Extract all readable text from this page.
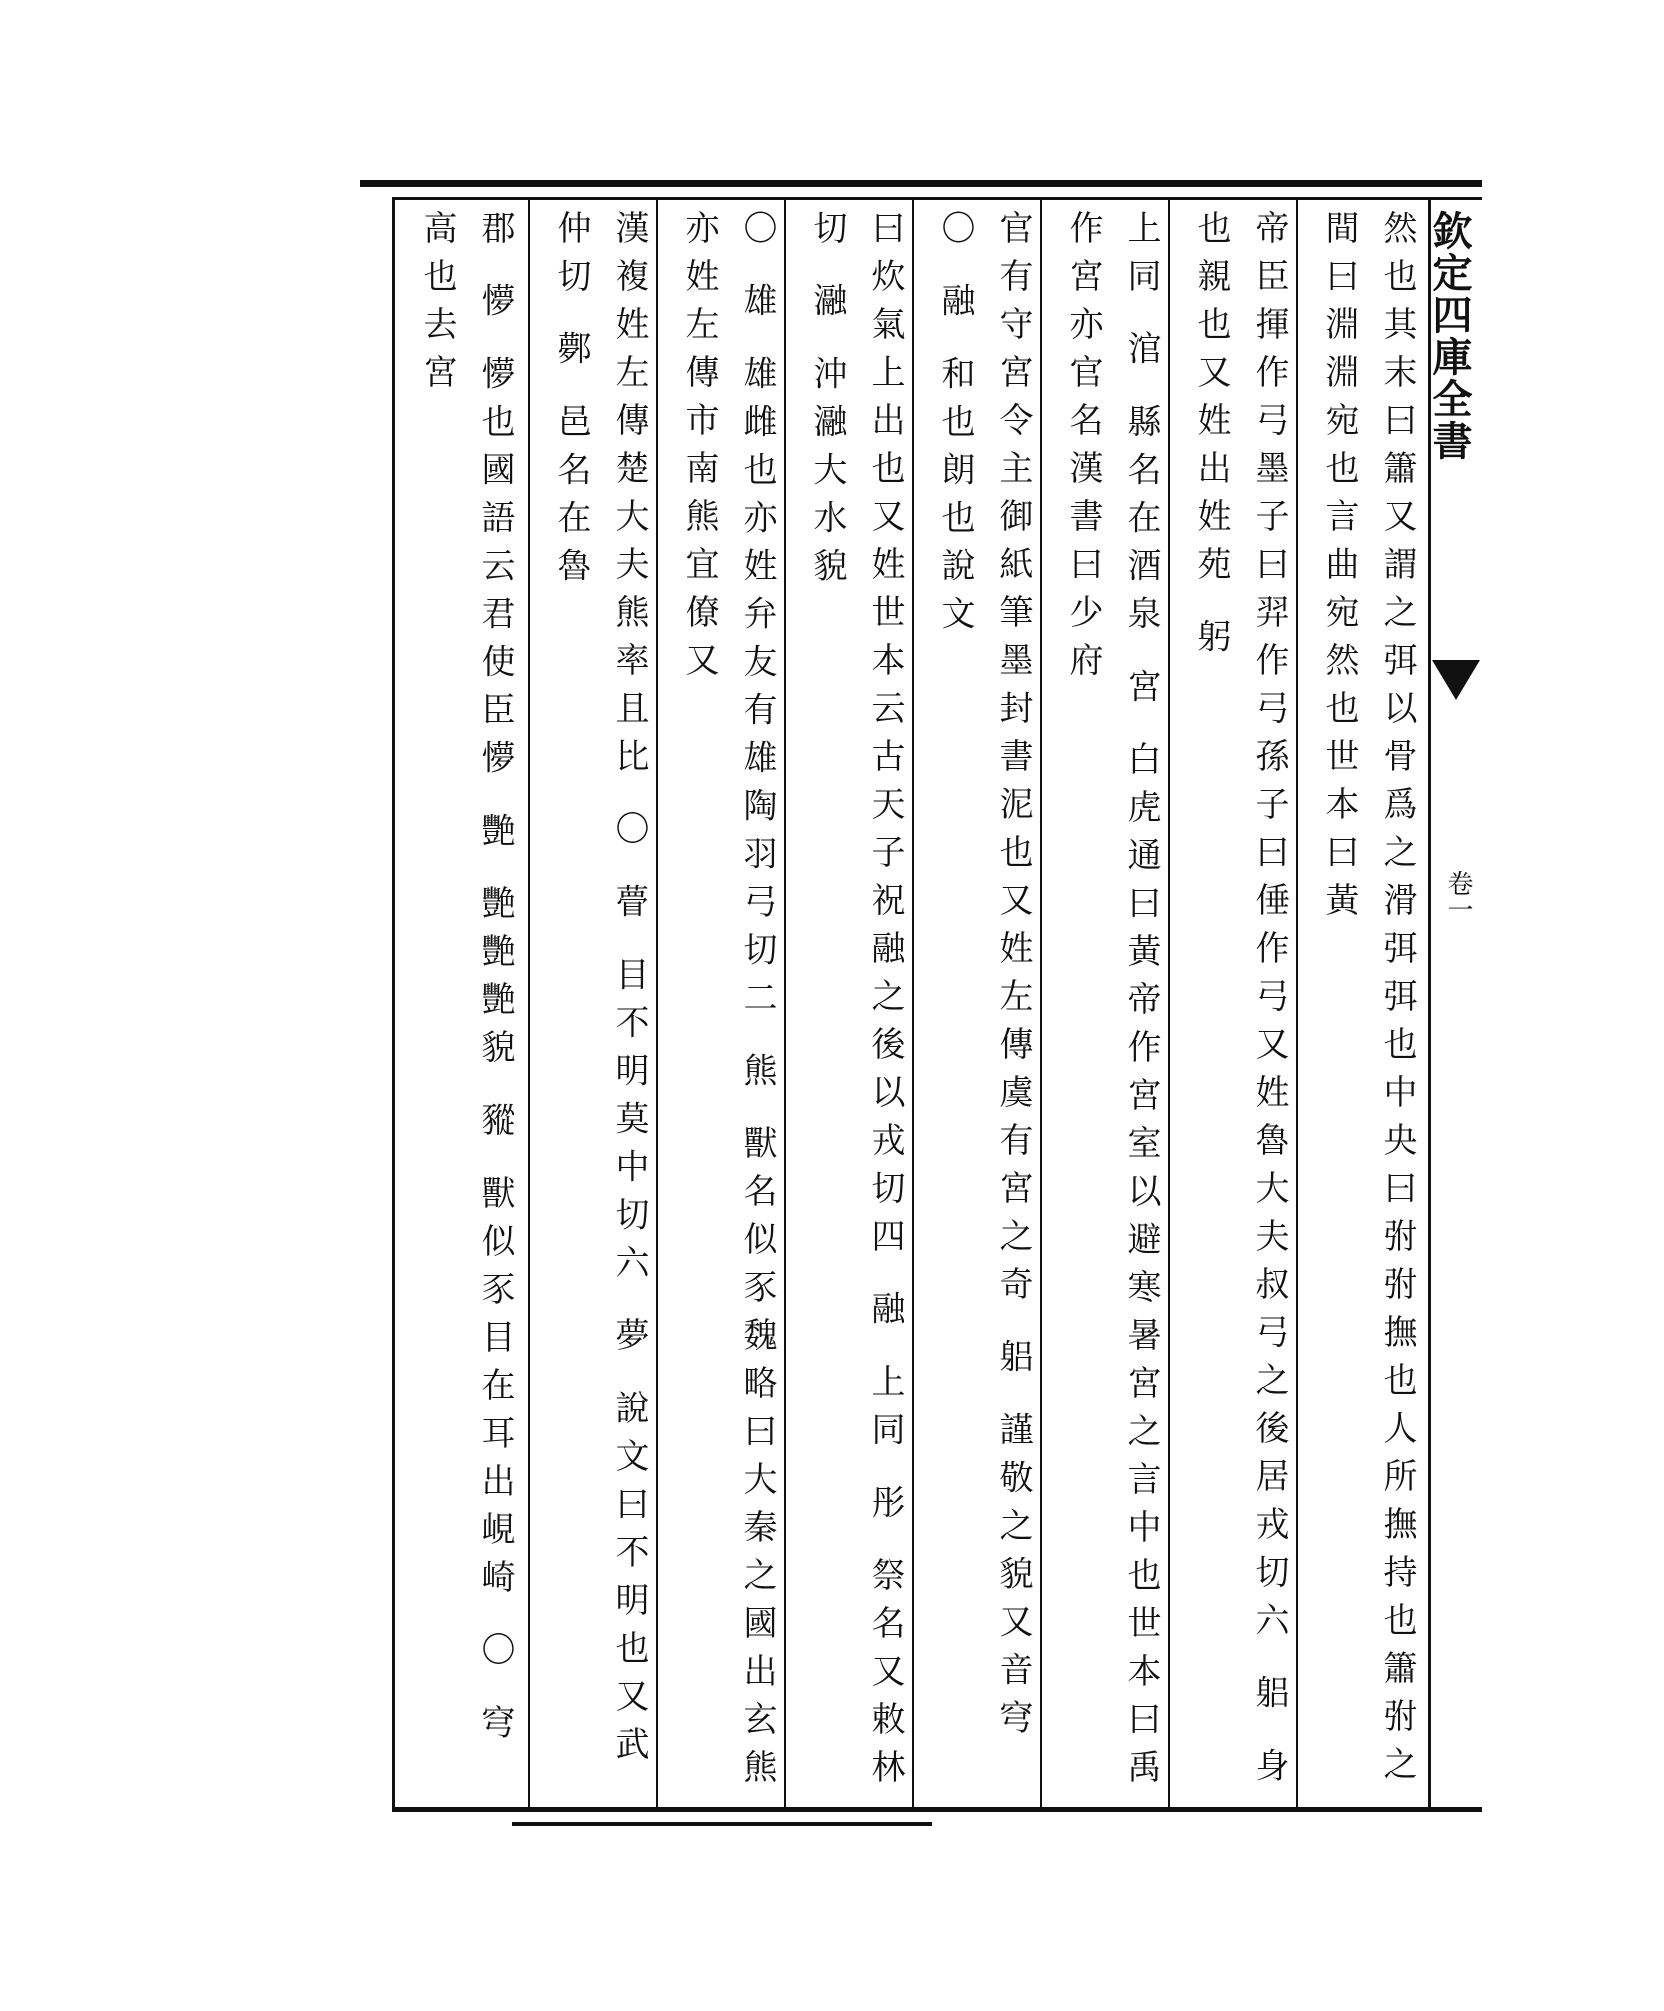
欽定四庫全書
卷一
然也其末曰簫又謂之弭以骨爲之滑弭弭也中央曰弣弣撫也人所撫持也簫弣之間曰淵淵宛也言曲宛然也世本曰黃
帝臣揮作弓墨子曰羿作弓孫子曰倕作弓又姓魯大夫叔弓之後居戎切六 躳 身也親也又姓出姓苑 躬
上同 涫 縣名在酒泉 宮 白虎通曰黃帝作宮室以避寒暑宮之言中也世本曰禹作宮亦官名漢書曰少府
官有守宮令主御紙筆墨封書泥也又姓左傳虞有宮之奇 躳 謹敬之貌又音穹 〇 融 和也朗也說文
曰炊氣上出也又姓世本云古天子祝融之後以戎切四 融 上同 彤 祭名又敕林切 瀜 沖瀜大水貌
〇 雄 雄雌也亦姓弁友有雄陶羽弓切二 熊 獸名似豕魏略曰大秦之國出玄熊亦姓左傳市南熊宜僚又
漢複姓左傳楚大夫熊率且比 〇 瞢 目不明莫中切六 夢 說文曰不明也又武仲切 鄸 邑名在魯
郡 懜 懜也國語云君使臣懜 艷 艷艷艷貌 豵 獸似豕目在耳出峴崎 〇 穹 高也去宮
